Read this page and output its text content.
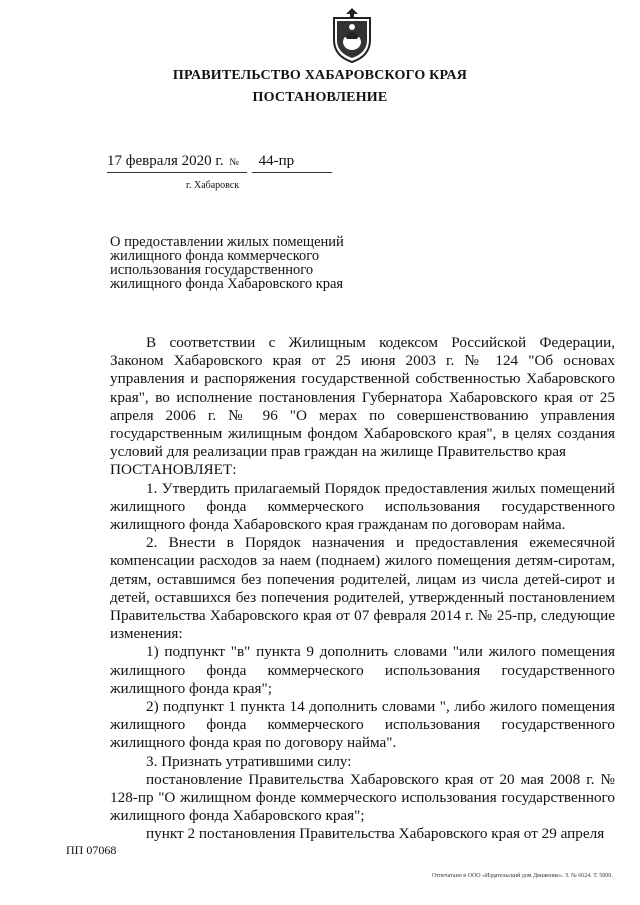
ПРАВИТЕЛЬСТВО ХАБАРОВСКОГО КРАЯ
ПОСТАНОВЛЕНИЕ
17 февраля 2020 г. № 44-пр
г. Хабаровск
О предоставлении жилых помещений жилищного фонда коммерческого использования государственного жилищного фонда Хабаровского края

В соответствии с Жилищным кодексом Российской Федерации, Законом Хабаровского края от 25 июня 2003 г. № 124 "Об основах управления и распоряжения государственной собственностью Хабаровского края", во исполнение постановления Губернатора Хабаровского края от 25 апреля 2006 г. № 96 "О мерах по совершенствованию управления государственным жилищным фондом Хабаровского края", в целях создания условий для реализации прав граждан на жилище Правительство края

ПОСТАНОВЛЯЕТ:

1. Утвердить прилагаемый Порядок предоставления жилых помещений жилищного фонда коммерческого использования государственного жилищного фонда Хабаровского края гражданам по договорам найма.

2. Внести в Порядок назначения и предоставления ежемесячной компенсации расходов за наем (поднаем) жилого помещения детям-сиротам, детям, оставшимся без попечения родителей, лицам из числа детей-сирот и детей, оставшихся без попечения родителей, утвержденный постановлением Правительства Хабаровского края от 07 февраля 2014 г. № 25-пр, следующие изменения:

1) подпункт "в" пункта 9 дополнить словами "или жилого помещения жилищного фонда коммерческого использования государственного жилищного фонда края";

2) подпункт 1 пункта 14 дополнить словами ", либо жилого помещения жилищного фонда коммерческого использования государственного жилищного фонда края по договору найма".

3. Признать утратившими силу:

постановление Правительства Хабаровского края от 20 мая 2008 г. № 128-пр "О жилищном фонде коммерческого использования государственного жилищного фонда Хабаровского края";

пункт 2 постановления Правительства Хабаровского края от 29 апреля

ПП 07068
Отпечатано в ООО «Издательский дом Движение». З. № 6624. Т. 5000.
